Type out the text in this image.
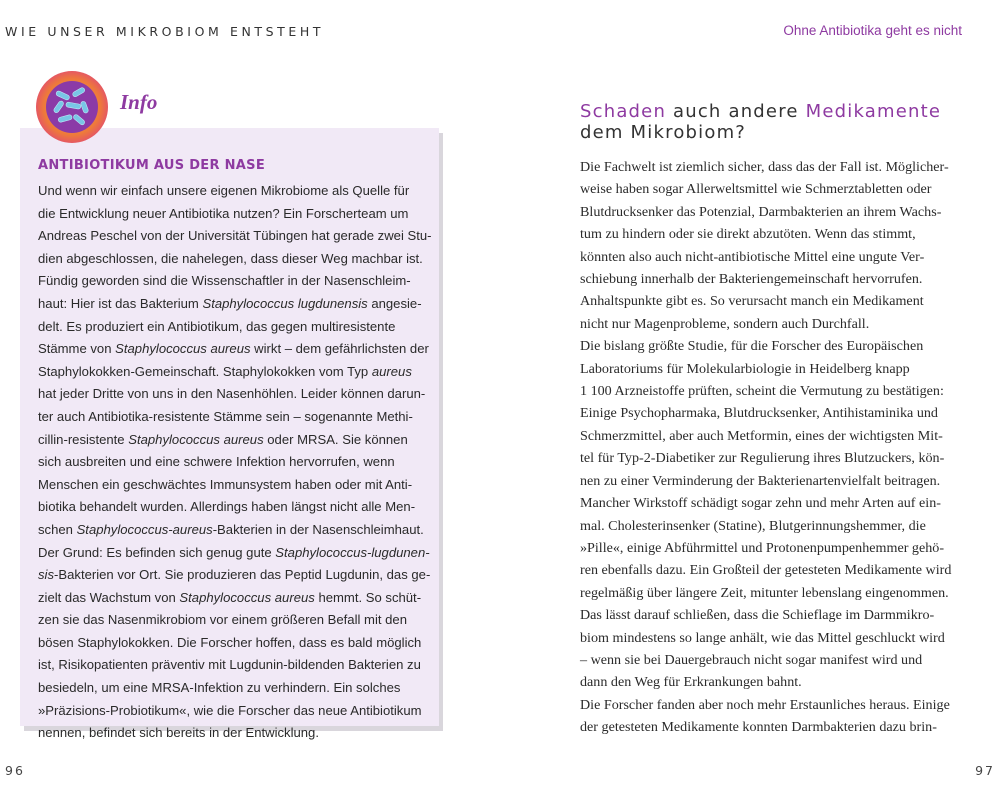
WIE UNSER MIKROBIOM ENTSTEHT	Ohne Antibiotika geht es nicht
ANTIBIOTIKUM AUS DER NASE
Und wenn wir einfach unsere eigenen Mikrobiome als Quelle für
die Entwicklung neuer Antibiotika nutzen? Ein Forscherteam um
Andreas Peschel von der Universität Tübingen hat gerade zwei Stu-
dien abgeschlossen, die nahelegen, dass dieser Weg machbar ist.
Fündig geworden sind die Wissenschaftler in der Nasenschleim-
haut: Hier ist das Bakterium Staphylococcus lugdunensis angesie-
delt. Es produziert ein Antibiotikum, das gegen multiresistente
Stämme von Staphylococcus aureus wirkt – dem gefährlichsten der
Staphylokokken-Gemeinschaft. Staphylokokken vom Typ aureus
hat jeder Dritte von uns in den Nasenhöhlen. Leider können darun-
ter auch Antibiotika-resistente Stämme sein – sogenannte Methi-
cillin-resistente Staphylococcus aureus oder MRSA. Sie können
sich ausbreiten und eine schwere Infektion hervorrufen, wenn
Menschen ein geschwächtes Immunsystem haben oder mit Anti-
biotika behandelt wurden. Allerdings haben längst nicht alle Men-
schen Staphylococcus-aureus-Bakterien in der Nasenschleimhaut.
Der Grund: Es befinden sich genug gute Staphylococcus-lugdunen-
sis-Bakterien vor Ort. Sie produzieren das Peptid Lugdunin, das ge-
zielt das Wachstum von Staphylococcus aureus hemmt. So schüt-
zen sie das Nasenmikrobiom vor einem größeren Befall mit den
bösen Staphylokokken. Die Forscher hoffen, dass es bald möglich
ist, Risikopatienten präventiv mit Lugdunin-bildenden Bakterien zu
besiedeln, um eine MRSA-Infektion zu verhindern. Ein solches
»Präzisions-Probiotikum«, wie die Forscher das neue Antibiotikum
nennen, befindet sich bereits in der Entwicklung.
Info	Schaden auch andere Medikamente
dem Mikrobiom?
Die Fachwelt ist ziemlich sicher, dass das der Fall ist. Möglicher-
weise haben sogar Allerweltsmittel wie Schmerztabletten oder
Blutdrucksenker das Potenzial, Darmbakterien an ihrem Wachs-
tum zu hindern oder sie direkt abzutöten. Wenn das stimmt,
könnten also auch nicht-antibiotische Mittel eine ungute Ver-
schiebung innerhalb der Bakteriengemeinschaft hervorrufen.
Anhaltspunkte gibt es. So verursacht manch ein Medikament
nicht nur Magenprobleme, sondern auch Durchfall.
Die bislang größte Studie, für die Forscher des Europäischen
Laboratoriums für Molekularbiologie in Heidelberg knapp
1 100 Arzneistoffe prüften, scheint die Vermutung zu bestätigen:
Einige Psychopharmaka, Blutdrucksenker, Antihistaminika und
Schmerzmittel, aber auch Metformin, eines der wichtigsten Mit-
tel für Typ-2-Diabetiker zur Regulierung ihres Blutzuckers, kön-
nen zu einer Verminderung der Bakterienartenvielfalt beitragen.
Mancher Wirkstoff schädigt sogar zehn und mehr Arten auf ein-
mal. Cholesterinsenker (Statine), Blutgerinnungshemmer, die
»Pille«, einige Abführmittel und Protonenpumpenhemmer gehö-
ren ebenfalls dazu. Ein Großteil der getesteten Medikamente wird
regelmäßig über längere Zeit, mitunter lebenslang eingenommen.
Das lässt darauf schließen, dass die Schieflage im Darmmikro-
biom mindestens so lange anhält, wie das Mittel geschluckt wird
– wenn sie bei Dauergebrauch nicht sogar manifest wird und
dann den Weg für Erkrankungen bahnt.
Die Forscher fanden aber noch mehr Erstaunliches heraus. Einige
der getesteten Medikamente konnten Darmbakterien dazu brin-
96	97
